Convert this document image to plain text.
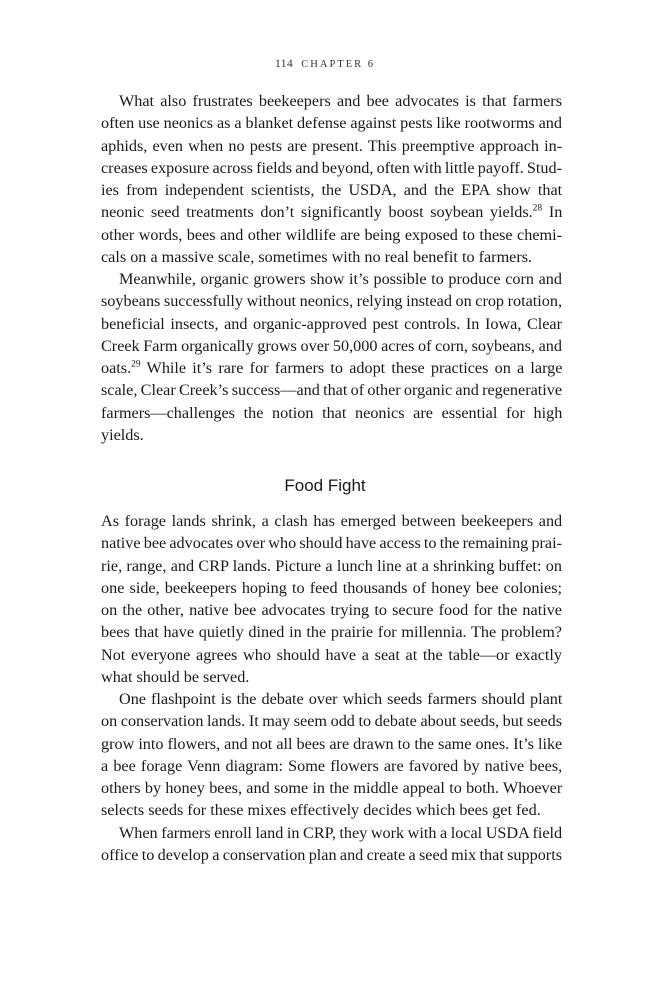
114 CHAPTER 6
What also frustrates beekeepers and bee advocates is that farmers
often use neonics as a blanket defense against pests like rootworms and
aphids, even when no pests are present. This preemptive approach in-
creases exposure across fields and beyond, often with little payoff. Stud-
ies from independent scientists, the USDA, and the EPA show that
neonic seed treatments don’t significantly boost soybean yields.$^{28}$ In
other words, bees and other wildlife are being exposed to these chemi-
cals on a massive scale, sometimes with no real benefit to farmers.
Meanwhile, organic growers show it’s possible to produce corn and
soybeans successfully without neonics, relying instead on crop rotation,
beneficial insects, and organic-approved pest controls. In Iowa, Clear
Creek Farm organically grows over 50,000 acres of corn, soybeans, and
oats.$^{29}$ While it’s rare for farmers to adopt these practices on a large
scale, Clear Creek’s success—and that of other organic and regenerative
farmers—challenges the notion that neonics are essential for high
yields.
Food Fight
As forage lands shrink, a clash has emerged between beekeepers and
native bee advocates over who should have access to the remaining prai-
rie, range, and CRP lands. Picture a lunch line at a shrinking buffet: on
one side, beekeepers hoping to feed thousands of honey bee colonies;
on the other, native bee advocates trying to secure food for the native
bees that have quietly dined in the prairie for millennia. The problem?
Not everyone agrees who should have a seat at the table—or exactly
what should be served.
One flashpoint is the debate over which seeds farmers should plant
on conservation lands. It may seem odd to debate about seeds, but seeds
grow into flowers, and not all bees are drawn to the same ones. It’s like
a bee forage Venn diagram: Some flowers are favored by native bees,
others by honey bees, and some in the middle appeal to both. Whoever
selects seeds for these mixes effectively decides which bees get fed.
When farmers enroll land in CRP, they work with a local USDA field
office to develop a conservation plan and create a seed mix that supports
